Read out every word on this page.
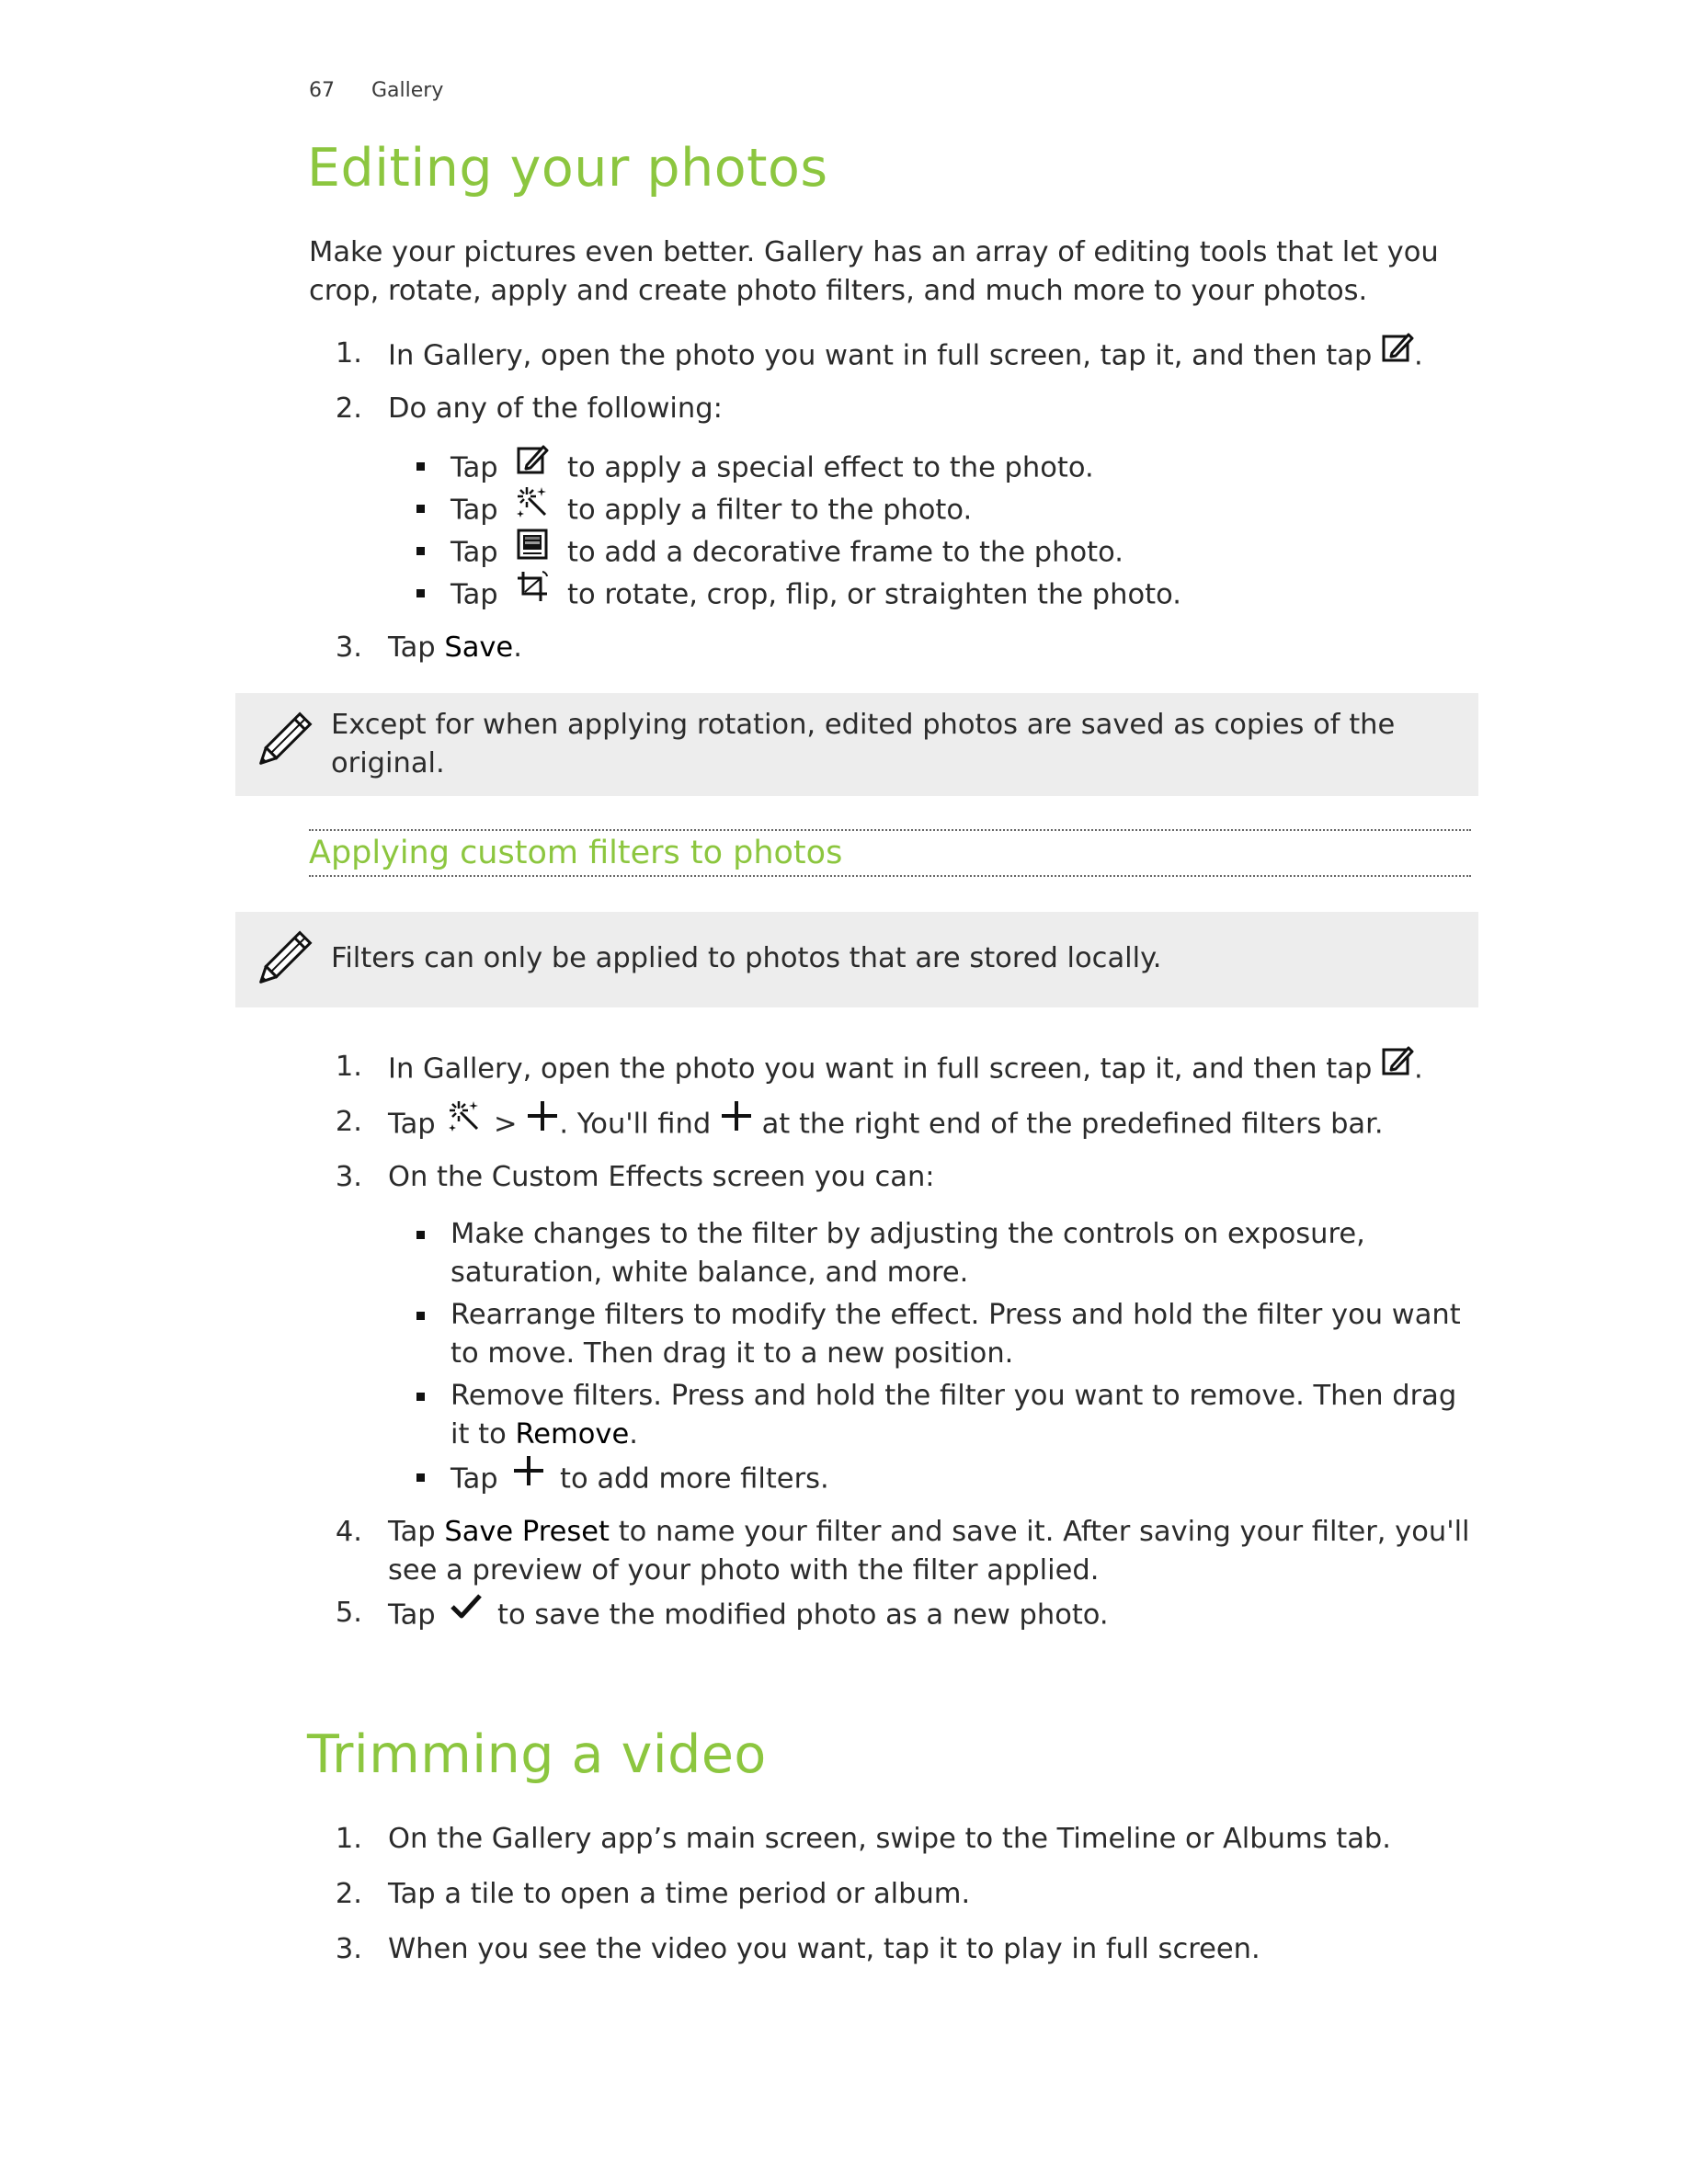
67 Gallery
Editing your photos

Make your pictures even better. Gallery has an array of editing tools that let you crop, rotate, apply and create photo filters, and much more to your photos.

1. In Gallery, open the photo you want in full screen, tap it, and then tap .
2. Do any of the following:
Tap to apply a special effect to the photo.
Tap to apply a filter to the photo.
Tap to add a decorative frame to the photo.
Tap to rotate, crop, flip, or straighten the photo.
3. Tap Save.
Except for when applying rotation, edited photos are saved as copies of the original.
Applying custom filters to photos
Filters can only be applied to photos that are stored locally.
1. In Gallery, open the photo you want in full screen, tap it, and then tap .
2. Tap > . You'll find at the right end of the predefined filters bar.
3. On the Custom Effects screen you can:
Make changes to the filter by adjusting the controls on exposure, saturation, white balance, and more.
Rearrange filters to modify the effect. Press and hold the filter you want to move. Then drag it to a new position.
Remove filters. Press and hold the filter you want to remove. Then drag it to Remove.
Tap to add more filters.
4. Tap Save Preset to name your filter and save it. After saving your filter, you'll see a preview of your photo with the filter applied.
5. Tap to save the modified photo as a new photo.
Trimming a video
1. On the Gallery app’s main screen, swipe to the Timeline or Albums tab.
2. Tap a tile to open a time period or album.
3. When you see the video you want, tap it to play in full screen.
